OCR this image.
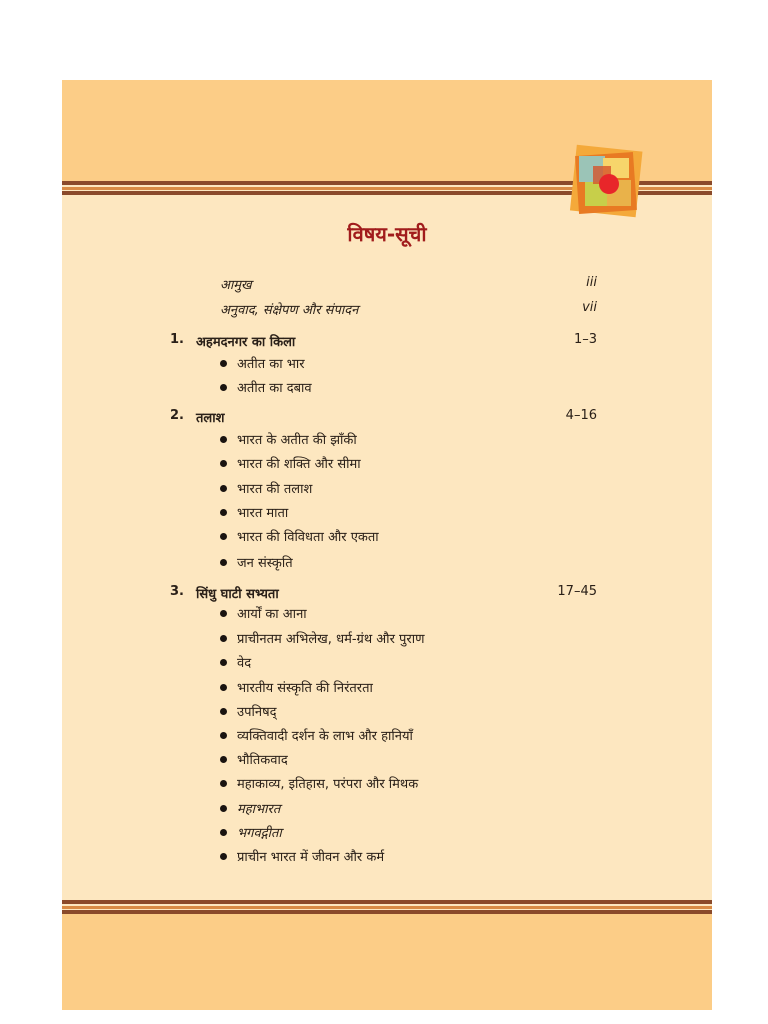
विषय-सूची
आमुख	iii
अनुवाद, संक्षेपण और संपादन	vii
1. अहमदनगर का किला	1–3
अतीत का भार
अतीत का दबाव
2. तलाश	4–16
भारत के अतीत की झाँकी
भारत की शक्ति और सीमा
भारत की तलाश
भारत माता
भारत की विविधता और एकता
जन संस्कृति
3. सिंधु घाटी सभ्यता	17–45
आर्यों का आना
प्राचीनतम अभिलेख, धर्म-ग्रंथ और पुराण
वेद
भारतीय संस्कृति की निरंतरता
उपनिषद्
व्यक्तिवादी दर्शन के लाभ और हानियाँ
भौतिकवाद
महाकाव्य, इतिहास, परंपरा और मिथक
महाभारत
भगवद्गीता
प्राचीन भारत में जीवन और कर्म
